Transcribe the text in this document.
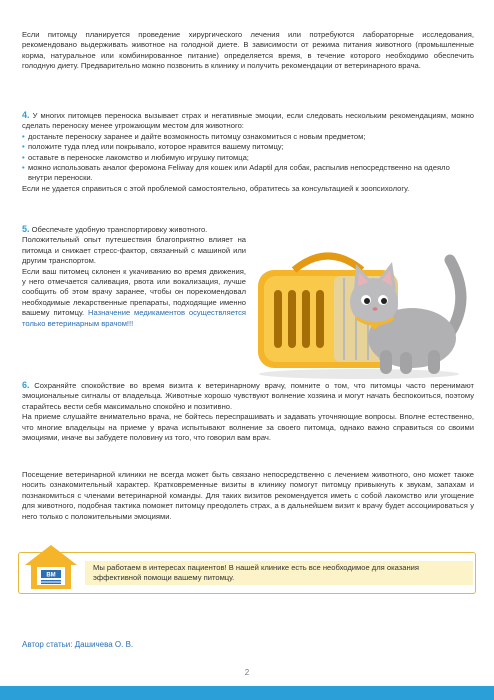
Если питомцу планируется проведение хирургического лечения или потребуются лабораторные исследования, рекомендовано выдерживать животное на голодной диете. В зависимости от режима питания животного (промышленные корма, натуральное или комбинированное питание) определяется время, в течение которого необходимо обеспечить голодную диету. Предварительно можно позвонить в клинику и получить рекомендации от ветеринарного врача.

4. У многих питомцев переноска вызывает страх и негативные эмоции, если следовать нескольким рекомендациям, можно сделать переноску менее угрожающим местом для животного:

• достаньте переноску заранее и дайте возможность питомцу ознакомиться с новым предметом;
• положите туда плед или покрывало, которое нравится вашему питомцу;
• оставьте в переноске лакомство и любимую игрушку питомца;
• можно использовать аналог феромона Feliway для кошек или Adaptil для собак, распылив непосредственно на одеяло внутри переноски.

Если не удается справиться с этой проблемой самостоятельно, обратитесь за консультацией к зоопсихологу.

5. Обеспечьте удобную транспортировку животного.

Положительный опыт путешествия благоприятно влияет на питомца и снижает стресс-фактор, связанный с машиной или другим транспортом.

Если ваш питомец склонен к укачиванию во время движения, у него отмечается саливация, рвота или вокализация, лучше сообщить об этом врачу заранее, чтобы он порекомендовал необходимые лекарственные препараты, подходящие именно вашему питомцу. Назначение медикаментов осуществляется только ветеринарным врачом!!!

6. Сохраняйте спокойствие во время визита к ветеринарному врачу, помните о том, что питомцы часто перенимают эмоциональные сигналы от владельца. Животные хорошо чувствуют волнение хозяина и могут начать беспокоиться, поэтому старайтесь вести себя максимально спокойно и позитивно.

На приеме слушайте внимательно врача, не бойтесь переспрашивать и задавать уточняющие вопросы. Вполне естественно, что многие владельцы на приеме у врача испытывают волнение за своего питомца, однако важно справиться со своими эмоциями, иначе вы забудете половину из того, что говорил вам врач.

Посещение ветеринарной клиники не всегда может быть связано непосредственно с лечением животного, оно может также носить ознакомительный характер. Кратковременные визиты в клинику помогут питомцу привыкнуть к звукам, запахам и познакомиться с членами ветеринарной команды. Для таких визитов рекомендуется иметь с собой лакомство или угощение для животного, подобная тактика поможет питомцу преодолеть страх, а в дальнейшем визит к врачу будет ассоциироваться у него только с положительными эмоциями.

ВМ
Мы работаем в интересах пациентов! В нашей клинике есть все необходимое для оказания эффективной помощи вашему питомцу.
Автор статьи: Дашичева О. В.
2
